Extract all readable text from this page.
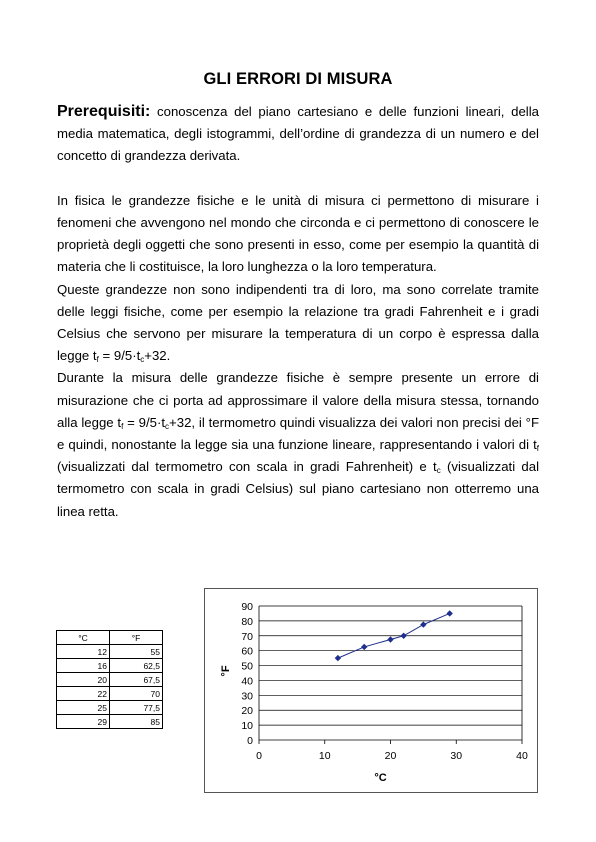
GLI ERRORI DI MISURA

Prerequisiti: conoscenza del piano cartesiano e delle funzioni lineari, della media matematica, degli istogrammi, dell’ordine di grandezza di un numero e del concetto di grandezza derivata.

In fisica le grandezze fisiche e le unità di misura ci permettono di misurare i fenomeni che avvengono nel mondo che circonda e ci permettono di conoscere le proprietà degli oggetti che sono presenti in esso, come per esempio la quantità di materia che li costituisce, la loro lunghezza o la loro temperatura.

Queste grandezze non sono indipendenti tra di loro, ma sono correlate tramite delle leggi fisiche, come per esempio la relazione tra gradi Fahrenheit e i gradi Celsius che servono per misurare la temperatura di un corpo è espressa dalla legge $t_f = 9/5\cdot t_c+32$.

Durante la misura delle grandezze fisiche è sempre presente un errore di misurazione che ci porta ad approssimare il valore della misura stessa, tornando alla legge $t_f = 9/5\cdot t_c+32$, il termometro quindi visualizza dei valori non precisi dei °F e quindi, nonostante la legge sia una funzione lineare, rappresentando i valori di $t_f$ (visualizzati dal termometro con scala in gradi Fahrenheit) e $t_c$ (visualizzati dal termometro con scala in gradi Celsius) sul piano cartesiano non otterremo una linea retta.

°C	°F
12	55
16	62,5
20	67,5
22	70
25	77,5
29	85
0
10
20
30
40
50
60
70
80
90
0	10	20	30	40
°C
°F
